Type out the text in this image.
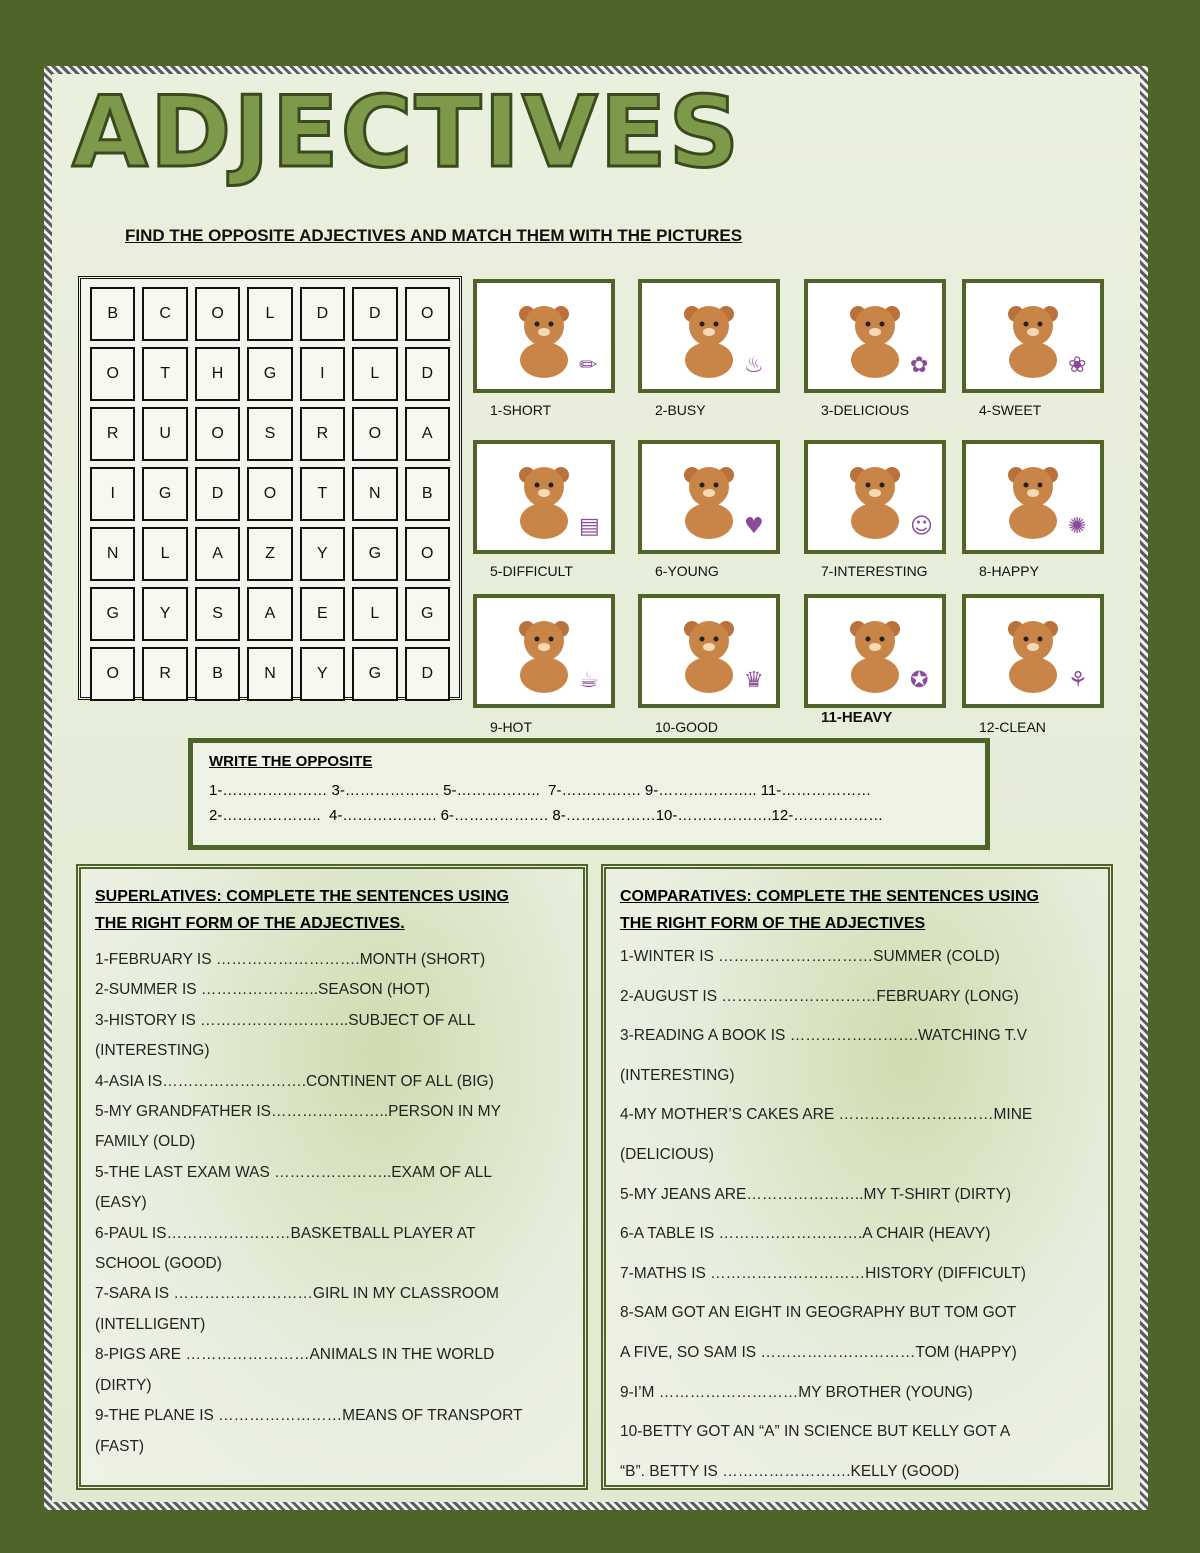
ADJECTIVES
FIND THE OPPOSITE ADJECTIVES AND MATCH THEM WITH THE PICTURES
B	C	O	L	D	D	O
O	T	H	G	I	L	D
R	U	O	S	R	O	A
I	G	D	O	T	N	B
N	L	A	Z	Y	G	O
G	Y	S	A	E	L	G
O	R	B	N	Y	G	D
✏
1-SHORT
♨
2-BUSY
✿
3-DELICIOUS
❀
4-SWEET
▤
5-DIFFICULT
♥
6-YOUNG
☺
7-INTERESTING
✺
8-HAPPY
☕
9-HOT
♛
10-GOOD
✪
11-HEAVY
⚘
12-CLEAN
WRITE THE OPPOSITE
1-………………… 3-………………. 5-……………..  7-……………. 9-……………….. 11-………………
2-………………..  4-………………. 6-………………. 8-………………10-……………….12-………………
SUPERLATIVES: COMPLETE THE SENTENCES USING
THE RIGHT FORM OF THE ADJECTIVES.
1-FEBRUARY IS ……………………….MONTH (SHORT)
2-SUMMER IS …………………..SEASON (HOT)
3-HISTORY IS ………………………..SUBJECT OF ALL
(INTERESTING)
4-ASIA IS……………………….CONTINENT OF ALL (BIG)
5-MY GRANDFATHER IS…………………..PERSON IN MY
FAMILY (OLD)
5-THE LAST EXAM WAS …………………..EXAM OF ALL
(EASY)
6-PAUL IS……………………BASKETBALL PLAYER AT
SCHOOL (GOOD)
7-SARA IS ………………………GIRL IN MY CLASSROOM
(INTELLIGENT)
8-PIGS ARE ……………………ANIMALS IN THE WORLD
(DIRTY)
9-THE PLANE IS ……………………MEANS OF TRANSPORT
(FAST)
COMPARATIVES: COMPLETE THE SENTENCES USING
THE RIGHT FORM OF THE ADJECTIVES
1-WINTER IS …………………………SUMMER (COLD)
2-AUGUST IS …………………………FEBRUARY (LONG)
3-READING A BOOK IS …………………….WATCHING T.V
(INTERESTING)
4-MY MOTHER’S CAKES ARE …………………………MINE
(DELICIOUS)
5-MY JEANS ARE…………………..MY T-SHIRT (DIRTY)
6-A TABLE IS ……………………….A CHAIR (HEAVY)
7-MATHS IS …………………………HISTORY (DIFFICULT)
8-SAM GOT AN EIGHT IN GEOGRAPHY BUT TOM GOT
A FIVE, SO SAM IS …………………………TOM (HAPPY)
9-I’M ………………………MY BROTHER (YOUNG)
10-BETTY GOT AN “A” IN SCIENCE BUT KELLY GOT A
“B”. BETTY IS …………………….KELLY (GOOD)
